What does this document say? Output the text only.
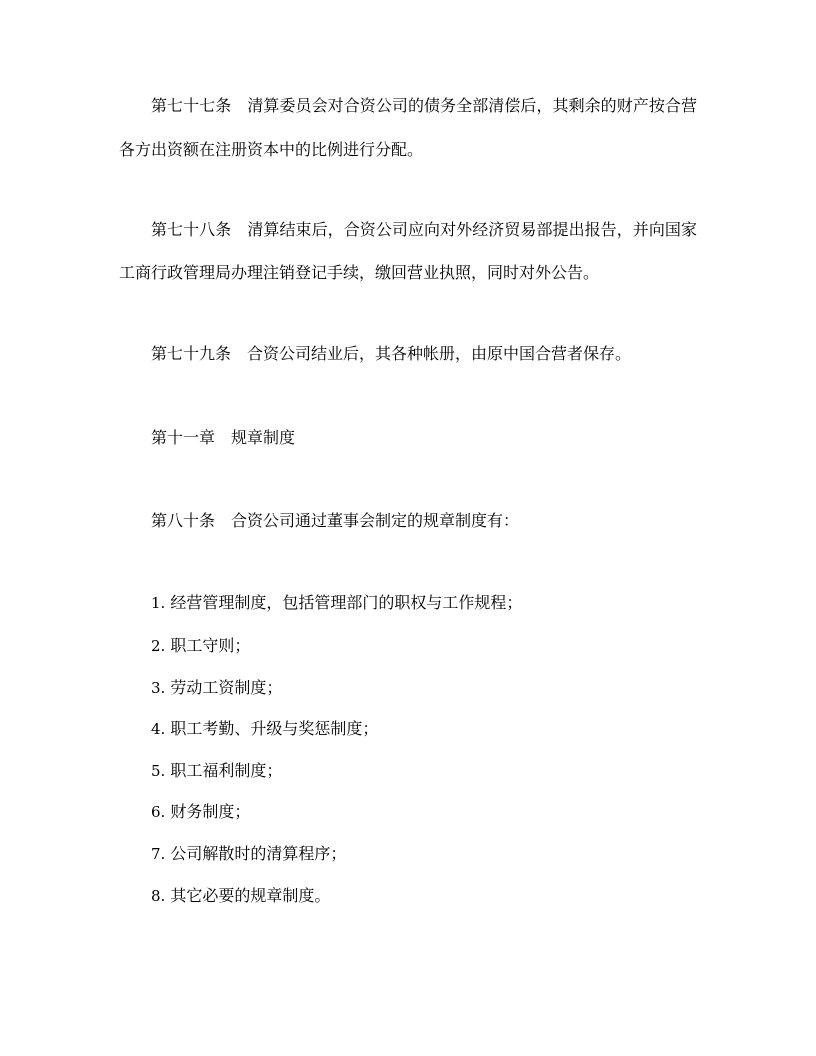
第七十七条　清算委员会对合资公司的债务全部清偿后，其剩余的财产按合营
各方出资额在注册资本中的比例进行分配。
第七十八条　清算结束后，合资公司应向对外经济贸易部提出报告，并向国家
工商行政管理局办理注销登记手续，缴回营业执照，同时对外公告。
第七十九条　合资公司结业后，其各种帐册，由原中国合营者保存。
第十一章　规章制度
第八十条　合资公司通过董事会制定的规章制度有：
1. 经营管理制度，包括管理部门的职权与工作规程；
2. 职工守则；
3. 劳动工资制度；
4. 职工考勤、升级与奖惩制度；
5. 职工福利制度；
6. 财务制度；
7. 公司解散时的清算程序；
8. 其它必要的规章制度。
